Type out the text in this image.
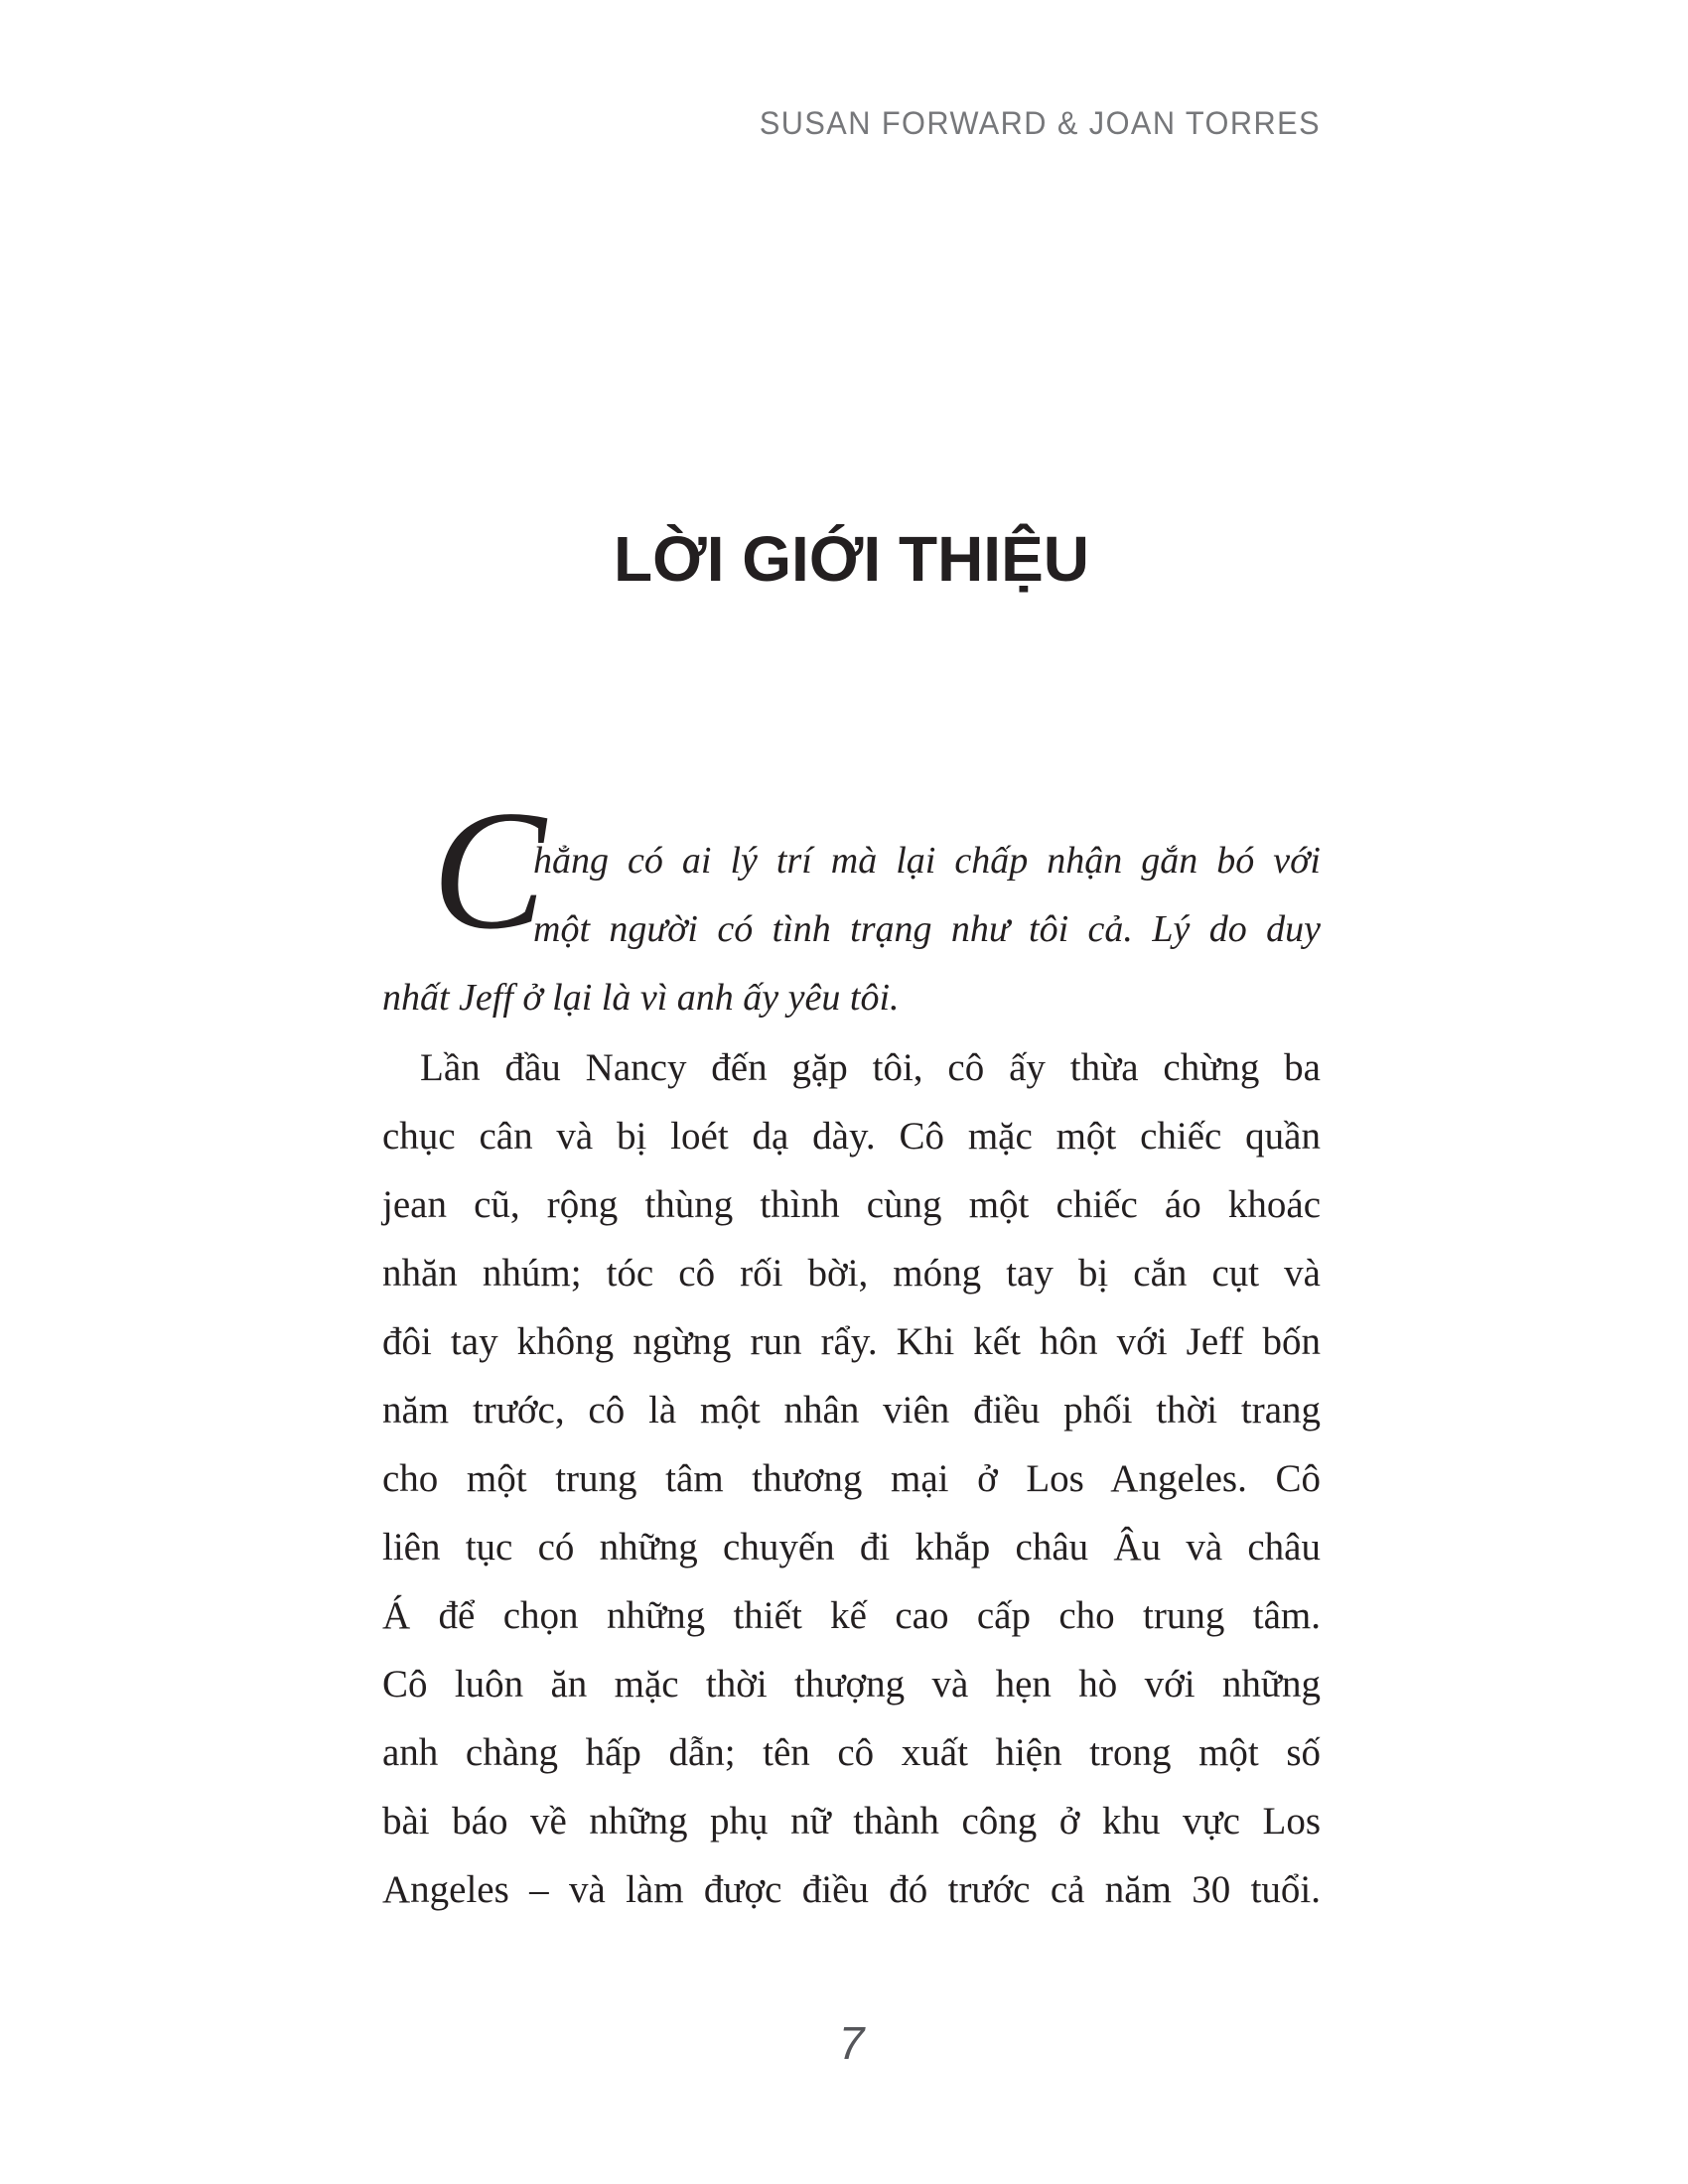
SUSAN FORWARD & JOAN TORRES
LỜI GIỚI THIỆU
C
hẳng có ai lý trí mà lại chấp nhận gắn bó với
một người có tình trạng như tôi cả. Lý do duy
nhất Jeff ở lại là vì anh ấy yêu tôi.
Lần đầu Nancy đến gặp tôi, cô ấy thừa chừng ba
chục cân và bị loét dạ dày. Cô mặc một chiếc quần
jean cũ, rộng thùng thình cùng một chiếc áo khoác
nhăn nhúm; tóc cô rối bời, móng tay bị cắn cụt và
đôi tay không ngừng run rẩy. Khi kết hôn với Jeff bốn
năm trước, cô là một nhân viên điều phối thời trang
cho một trung tâm thương mại ở Los Angeles. Cô
liên tục có những chuyến đi khắp châu Âu và châu
Á để chọn những thiết kế cao cấp cho trung tâm.
Cô luôn ăn mặc thời thượng và hẹn hò với những
anh chàng hấp dẫn; tên cô xuất hiện trong một số
bài báo về những phụ nữ thành công ở khu vực Los
Angeles – và làm được điều đó trước cả năm 30 tuổi.
7
